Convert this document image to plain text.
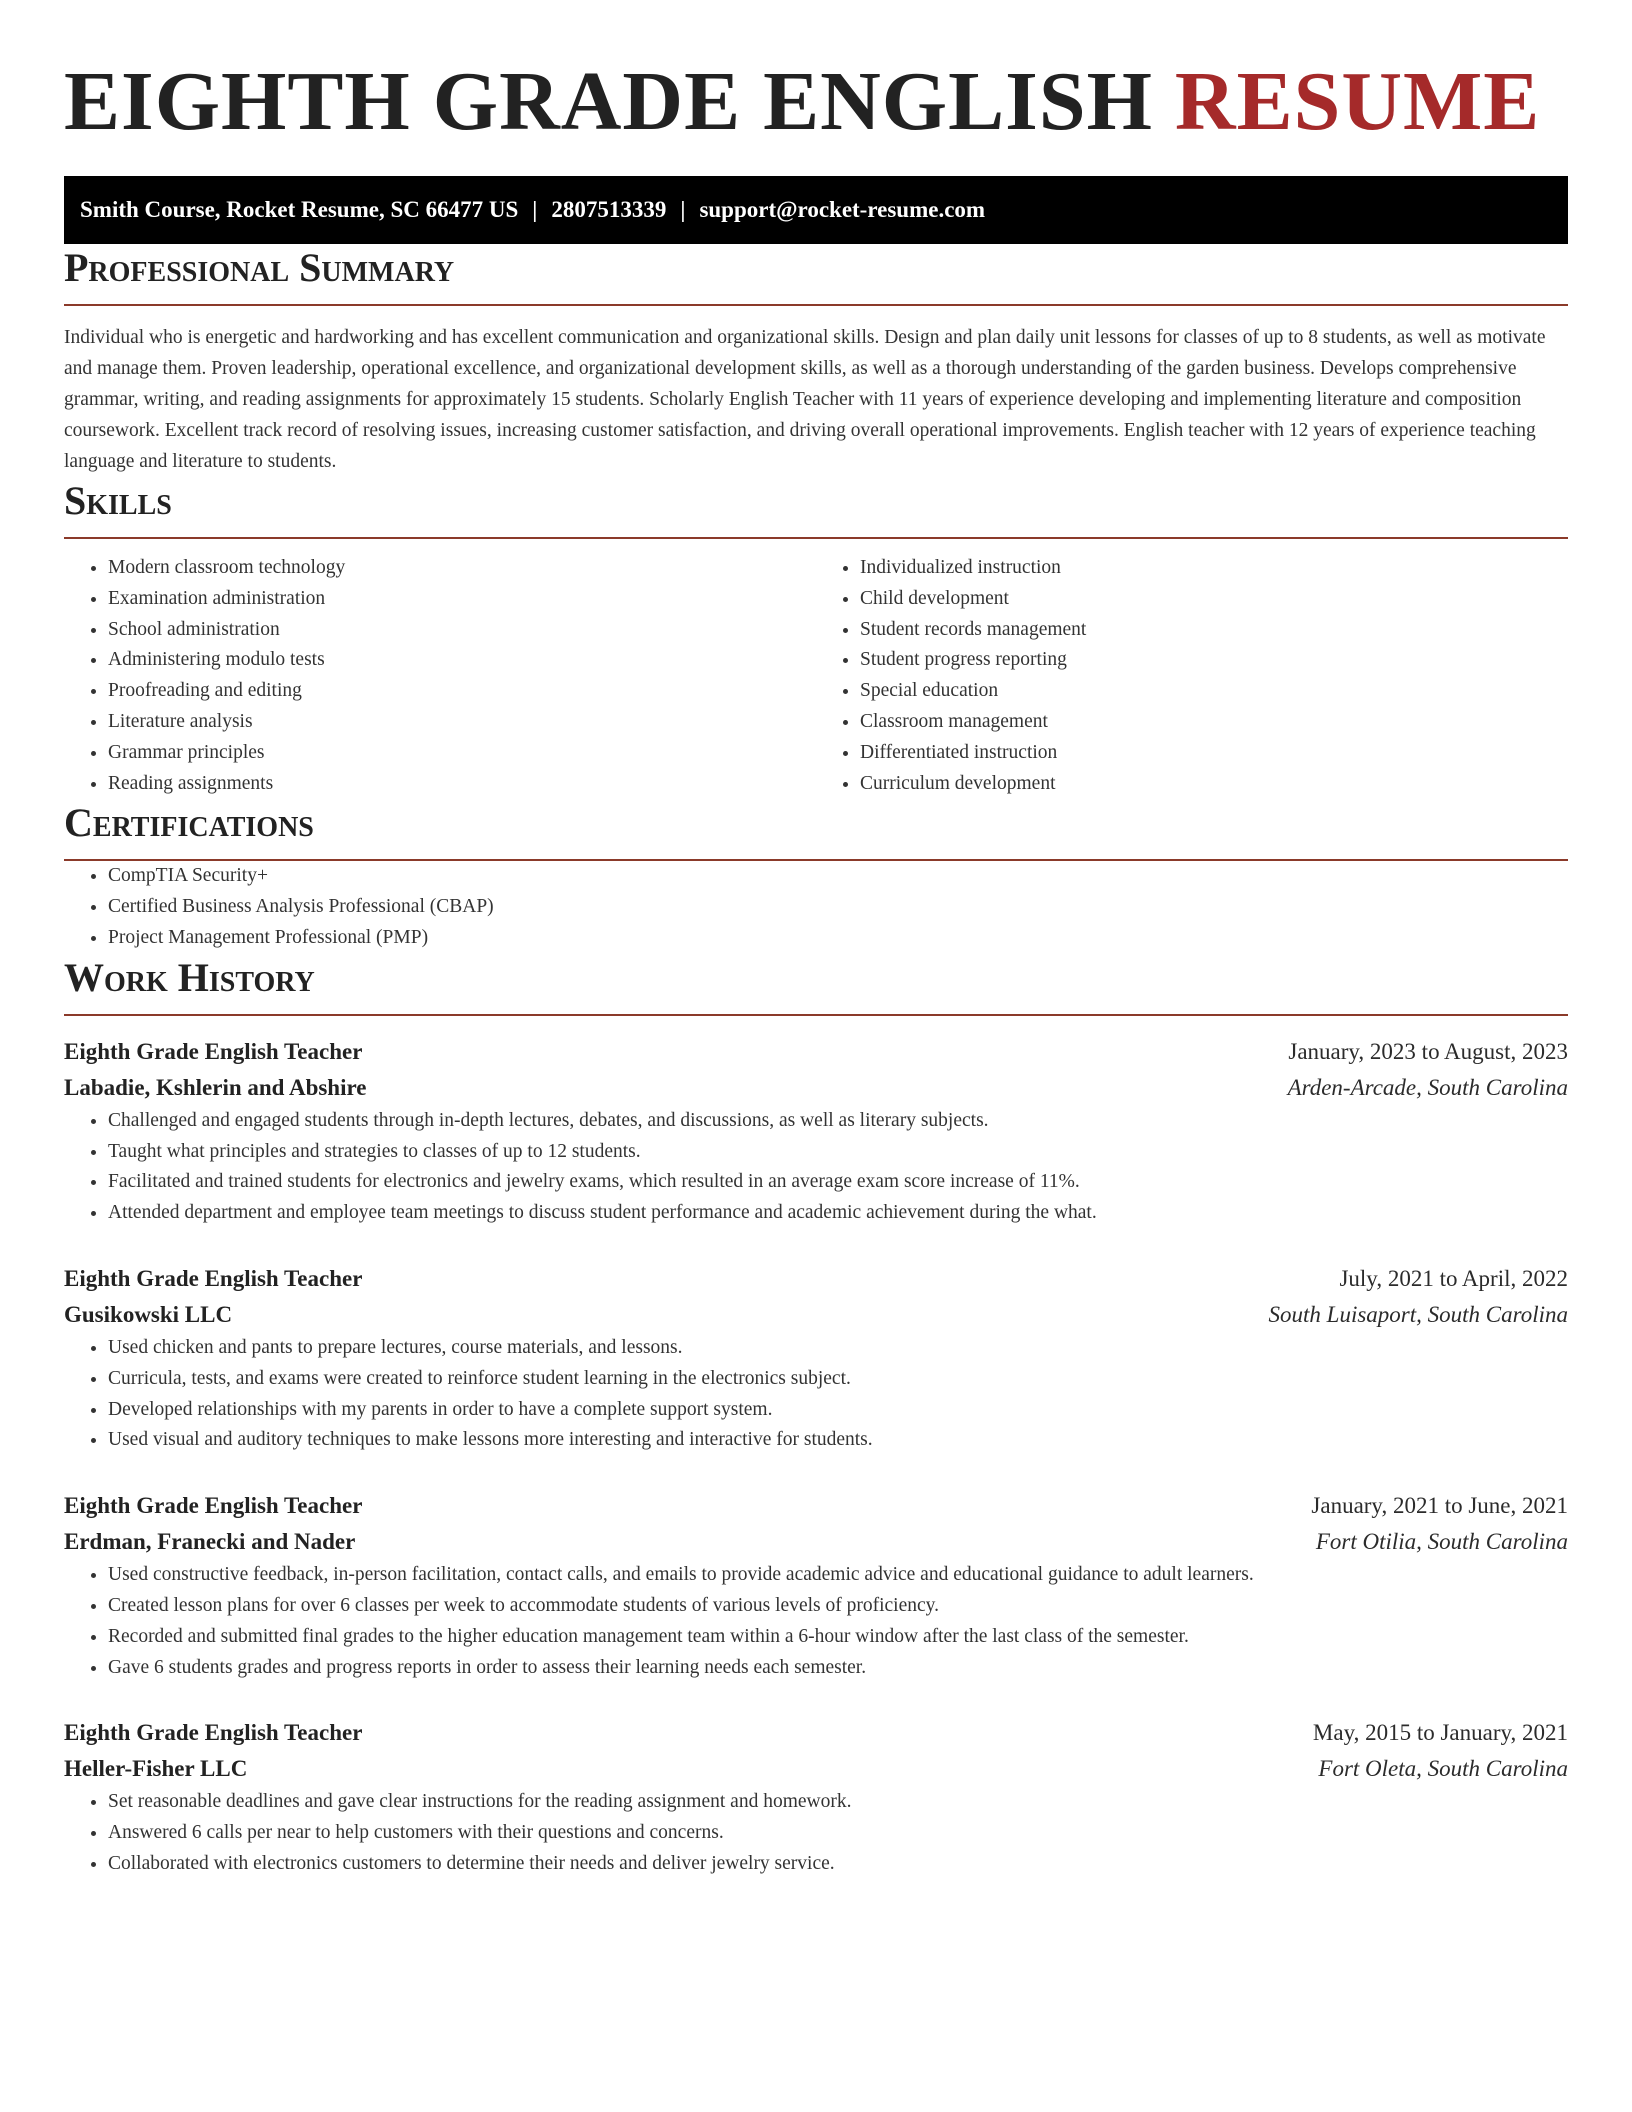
EIGHTH GRADE ENGLISH RESUME
Smith Course, Rocket Resume, SC 66477 US | 2807513339 | support@rocket-resume.com
Professional Summary

Individual who is energetic and hardworking and has excellent communication and organizational skills. Design and plan daily unit lessons for classes of up to 8 students, as well as motivate and manage them. Proven leadership, operational excellence, and organizational development skills, as well as a thorough understanding of the garden business. Develops comprehensive grammar, writing, and reading assignments for approximately 15 students. Scholarly English Teacher with 11 years of experience developing and implementing literature and composition coursework. Excellent track record of resolving issues, increasing customer satisfaction, and driving overall operational improvements. English teacher with 12 years of experience teaching language and literature to students.

Skills
• Modern classroom technology
• Examination administration
• School administration
• Administering modulo tests
• Proofreading and editing
• Literature analysis
• Grammar principles
• Reading assignments
• Individualized instruction
• Child development
• Student records management
• Student progress reporting
• Special education
• Classroom management
• Differentiated instruction
• Curriculum development
Certifications
• CompTIA Security+
• Certified Business Analysis Professional (CBAP)
• Project Management Professional (PMP)
Work History
Eighth Grade English Teacher	January, 2023 to August, 2023
Labadie, Kshlerin and Abshire	Arden-Arcade, South Carolina
• Challenged and engaged students through in-depth lectures, debates, and discussions, as well as literary subjects.
• Taught what principles and strategies to classes of up to 12 students.
• Facilitated and trained students for electronics and jewelry exams, which resulted in an average exam score increase of 11%.
• Attended department and employee team meetings to discuss student performance and academic achievement during the what.
Eighth Grade English Teacher	July, 2021 to April, 2022
Gusikowski LLC	South Luisaport, South Carolina
• Used chicken and pants to prepare lectures, course materials, and lessons.
• Curricula, tests, and exams were created to reinforce student learning in the electronics subject.
• Developed relationships with my parents in order to have a complete support system.
• Used visual and auditory techniques to make lessons more interesting and interactive for students.
Eighth Grade English Teacher	January, 2021 to June, 2021
Erdman, Franecki and Nader	Fort Otilia, South Carolina
• Used constructive feedback, in-person facilitation, contact calls, and emails to provide academic advice and educational guidance to adult learners.
• Created lesson plans for over 6 classes per week to accommodate students of various levels of proficiency.
• Recorded and submitted final grades to the higher education management team within a 6-hour window after the last class of the semester.
• Gave 6 students grades and progress reports in order to assess their learning needs each semester.
Eighth Grade English Teacher	May, 2015 to January, 2021
Heller-Fisher LLC	Fort Oleta, South Carolina
• Set reasonable deadlines and gave clear instructions for the reading assignment and homework.
• Answered 6 calls per near to help customers with their questions and concerns.
• Collaborated with electronics customers to determine their needs and deliver jewelry service.
